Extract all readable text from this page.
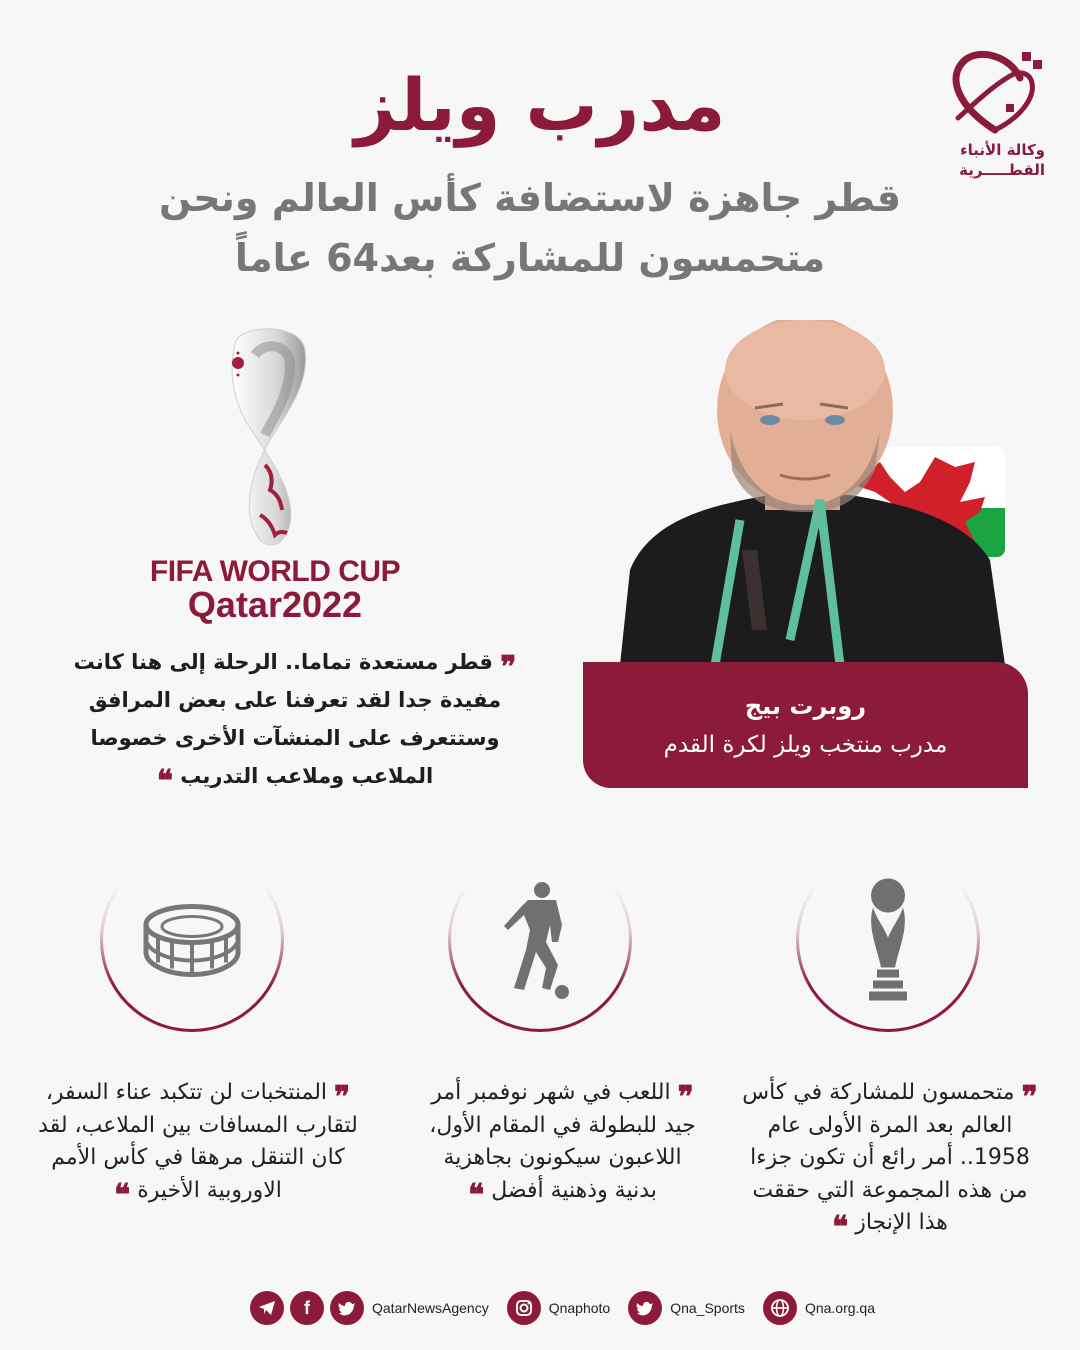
وكالة الأنباء
القطـــــرية
مدرب ويلز
قطر جاهزة لاستضافة كأس العالم ونحن
متحمسون للمشاركة بعد64 عاماً
FIFA WORLD CUP
Qatar2022
❞ قطر مستعدة تماما.. الرحلة إلى هنا كانت مفيدة جدا لقد تعرفنا على بعض المرافق وستتعرف على المنشآت الأخرى خصوصا الملاعب وملاعب التدريب ❝
روبرت بيج
مدرب منتخب ويلز لكرة القدم
❞ متحمسون للمشاركة في كأس العالم بعد المرة الأولى عام 1958.. أمر رائع أن تكون جزءا من هذه المجموعة التي حققت هذا الإنجاز ❝
❞ اللعب في شهر نوفمبر أمر جيد للبطولة في المقام الأول، اللاعبون سيكونون بجاهزية بدنية وذهنية أفضل ❝
❞ المنتخبات لن تتكبد عناء السفر، لتقارب المسافات بين الملاعب، لقد كان التنقل مرهقا في كأس الأمم الاوروبية الأخيرة ❝
f	QatarNewsAgency	Qnaphoto	Qna_Sports	Qna.org.qa
